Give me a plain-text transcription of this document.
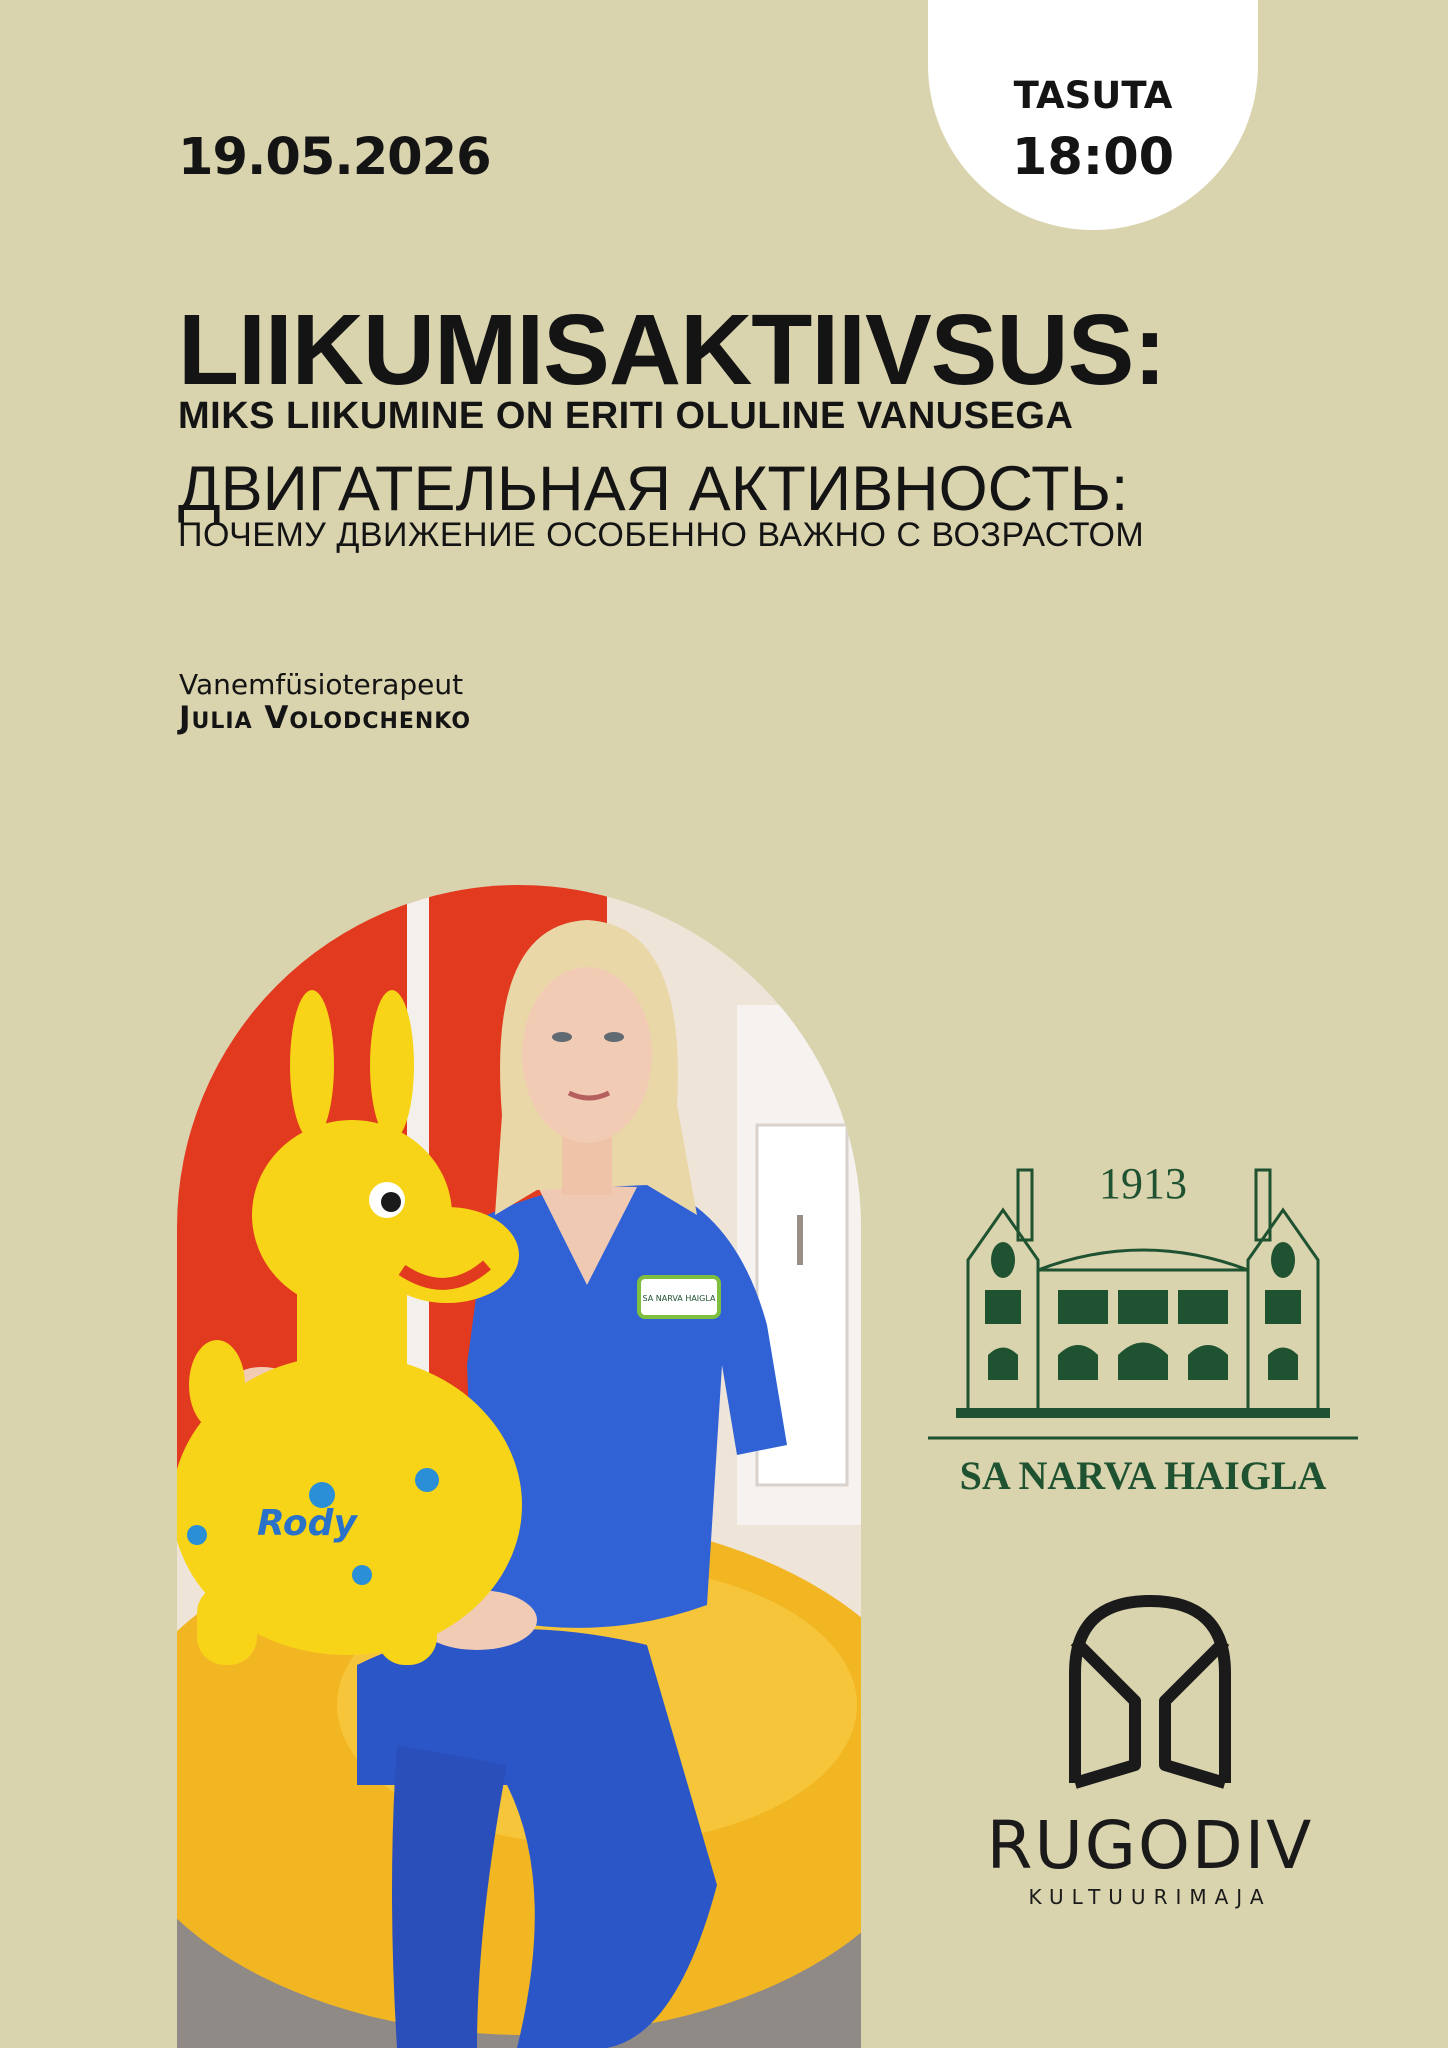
19.05.2026
TASUTA
18:00
LIIKUMISAKTIIVSUS:
MIKS LIIKUMINE ON ERITI OLULINE VANUSEGA
ДВИГАТЕЛЬНАЯ АКТИВНОСТЬ:
ПОЧЕМУ ДВИЖЕНИЕ ОСОБЕННО ВАЖНО С ВОЗРАСТОМ
Vanemfüsioterapeut
Julia Volodchenko
SA NARVA HAIGLA
Rody
1913
SA NARVA HAIGLA
RUGODIV
KULTUURIMAJA
